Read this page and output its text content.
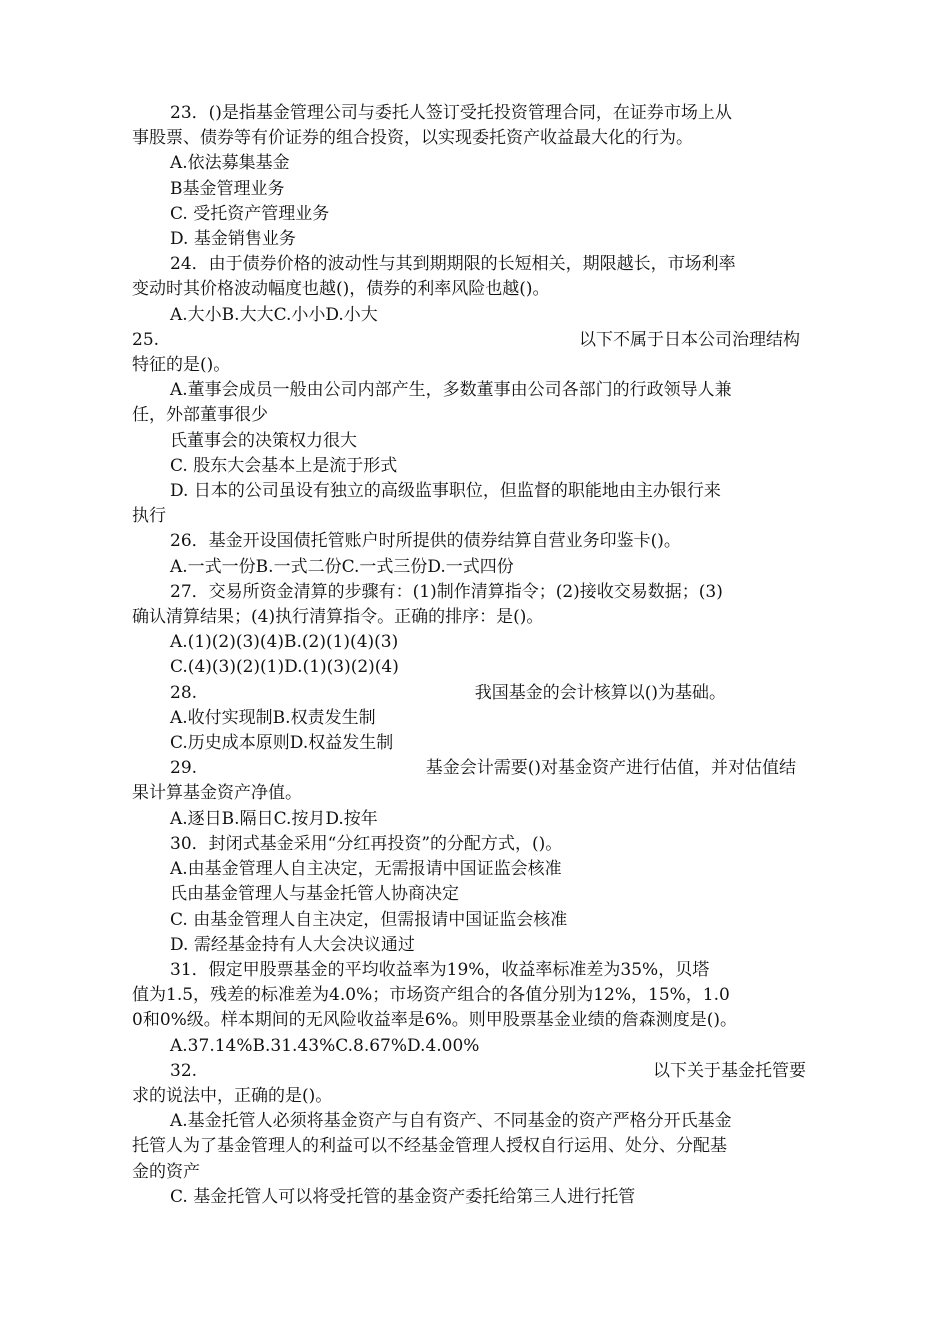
23．()是指基金管理公司与委托人签订受托投资管理合同，在证券市场上从

事股票、债券等有价证券的组合投资，以实现委托资产收益最大化的行为。

A.依法募集基金

B基金管理业务

C. 受托资产管理业务

D. 基金销售业务

24．由于债券价格的波动性与其到期期限的长短相关，期限越长，市场利率

变动时其价格波动幅度也越()，债券的利率风险也越()。

A.大小B.大大C.小小D.小大

25.	以下不属于日本公司治理结构

特征的是()。

A.董事会成员一般由公司内部产生，多数董事由公司各部门的行政领导人兼

任，外部董事很少

氏董事会的决策权力很大

C. 股东大会基本上是流于形式

D. 日本的公司虽设有独立的高级监事职位，但监督的职能地由主办银行来

执行

26．基金开设国债托管账户时所提供的债券结算自营业务印鉴卡()。

A.一式一份B.一式二份C.一式三份D.一式四份

27．交易所资金清算的步骤有：(1)制作清算指令；(2)接收交易数据；(3)

确认清算结果；(4)执行清算指令。正确的排序：是()。

A.(1)(2)(3)(4)B.(2)(1)(4)(3)

C.(4)(3)(2)(1)D.(1)(3)(2)(4)

28.	我国基金的会计核算以()为基础。

A.收付实现制B.权责发生制

C.历史成本原则D.权益发生制

29.	基金会计需要()对基金资产进行估值，并对估值结

果计算基金资产净值。

A.逐日B.隔日C.按月D.按年

30．封闭式基金采用“分红再投资”的分配方式，()。

A.由基金管理人自主决定，无需报请中国证监会核准

氏由基金管理人与基金托管人协商决定

C. 由基金管理人自主决定，但需报请中国证监会核准

D. 需经基金持有人大会决议通过

31．假定甲股票基金的平均收益率为19%，收益率标准差为35%，贝塔

值为1.5，残差的标准差为4.0%；市场资产组合的各值分别为12%，15%，1.0

0和0%级。样本期间的无风险收益率是6%。则甲股票基金业绩的詹森测度是()。

A.37.14%B.31.43%C.8.67%D.4.00%

32.	以下关于基金托管要

求的说法中，正确的是()。

A.基金托管人必须将基金资产与自有资产、不同基金的资产严格分开氏基金

托管人为了基金管理人的利益可以不经基金管理人授权自行运用、处分、分配基

金的资产

C. 基金托管人可以将受托管的基金资产委托给第三人进行托管
